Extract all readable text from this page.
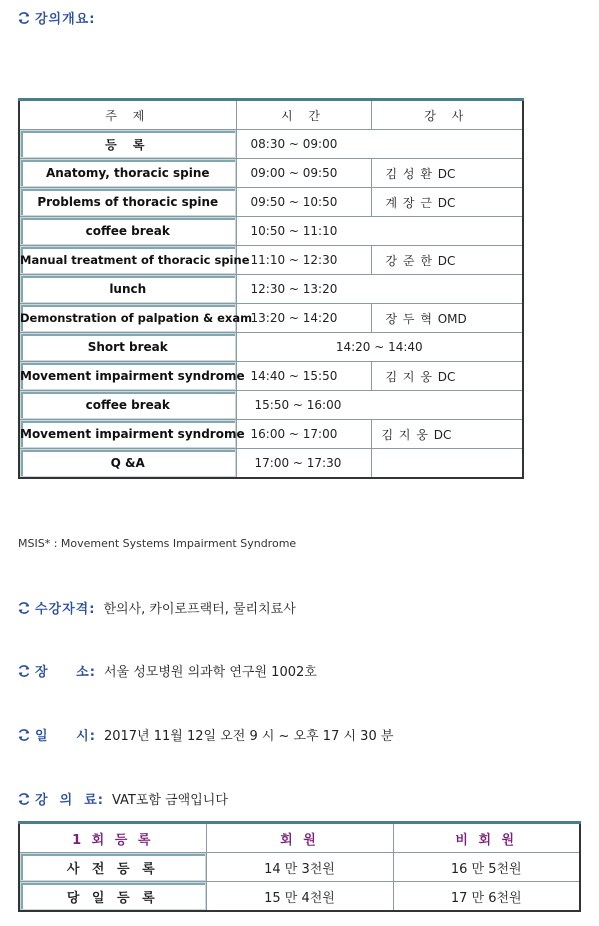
강의개요:
주 제	시 간	강 사
등 록	08:30 ~ 09:00	
Anatomy, thoracic spine	09:00 ~ 09:50	김 성 환 DC
Problems of thoracic spine	09:50 ~ 10:50	계 장 근 DC
coffee break	10:50 ~ 11:10	
Manual treatment of thoracic spine	11:10 ~ 12:30	강 준 한 DC
lunch	12:30 ~ 13:20	
Demonstration of palpation & exam	13:20 ~ 14:20	장 두 혁 OMD
Short break	14:20 ~ 14:40	
Movement impairment syndrome	14:40 ~ 15:50	김 지 웅 DC
coffee break	15:50 ~ 16:00	
Movement impairment syndrome	16:00 ~ 17:00	김 지 웅 DC
Q &A	17:00 ~ 17:30	
MSIS* : Movement Systems Impairment Syndrome
수강자격: 한의사, 카이로프랙터, 물리치료사
장     소: 서울 성모병원 의과학 연구원 1002호
일     시: 2017년 11월 12일 오전 9 시 ~ 오후 17 시 30 분
강  의  료: VAT포함 금액입니다
1 회 등 록	회 원	비 회 원
사 전 등 록	14 만 3천원	16 만 5천원
당 일 등 록	15 만 4천원	17 만 6천원
